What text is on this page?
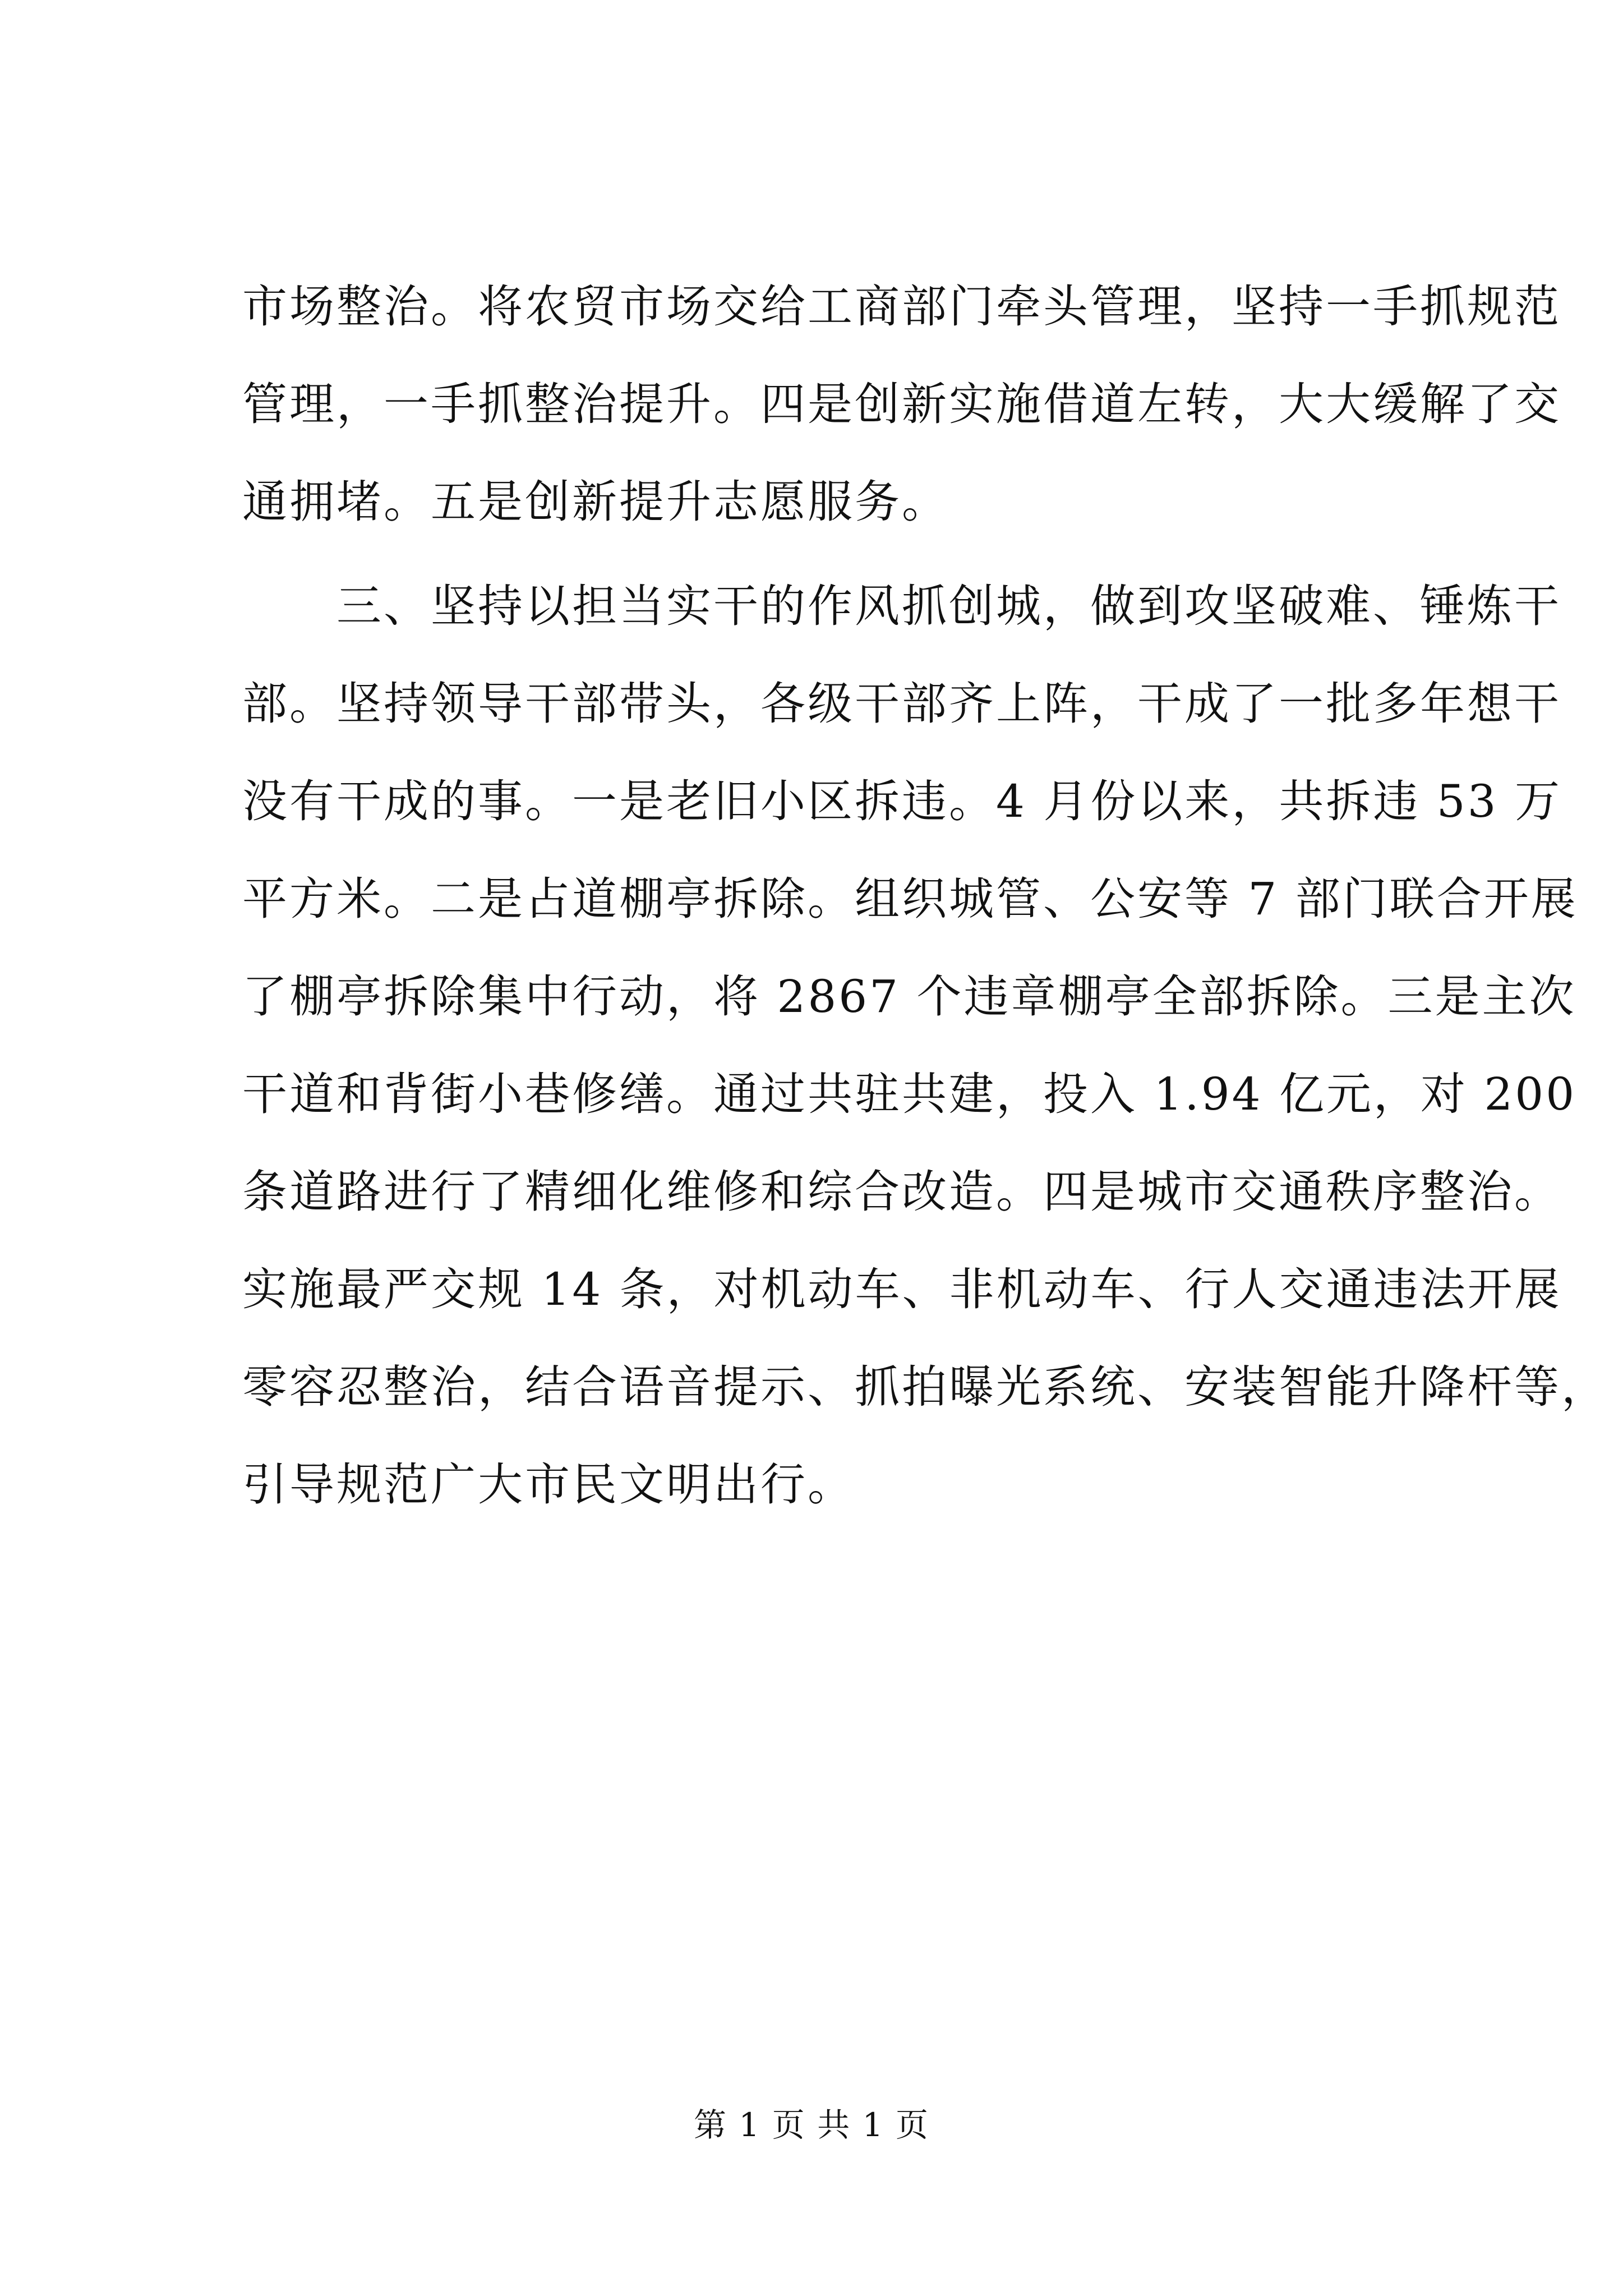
市场整治。将农贸市场交给工商部门牵头管理，坚持一手抓规范
管理，一手抓整治提升。四是创新实施借道左转，大大缓解了交
通拥堵。五是创新提升志愿服务。
　　三、坚持以担当实干的作风抓创城，做到攻坚破难、锤炼干
部。坚持领导干部带头，各级干部齐上阵，干成了一批多年想干
没有干成的事。一是老旧小区拆违。4 月份以来，共拆违 53 万
平方米。二是占道棚亭拆除。组织城管、公安等 7 部门联合开展
了棚亭拆除集中行动，将 2867 个违章棚亭全部拆除。三是主次
干道和背街小巷修缮。通过共驻共建，投入 1.94 亿元，对 200
条道路进行了精细化维修和综合改造。四是城市交通秩序整治。
实施最严交规 14 条，对机动车、非机动车、行人交通违法开展
零容忍整治，结合语音提示、抓拍曝光系统、安装智能升降杆等，
引导规范广大市民文明出行。
第 1 页 共 1 页
